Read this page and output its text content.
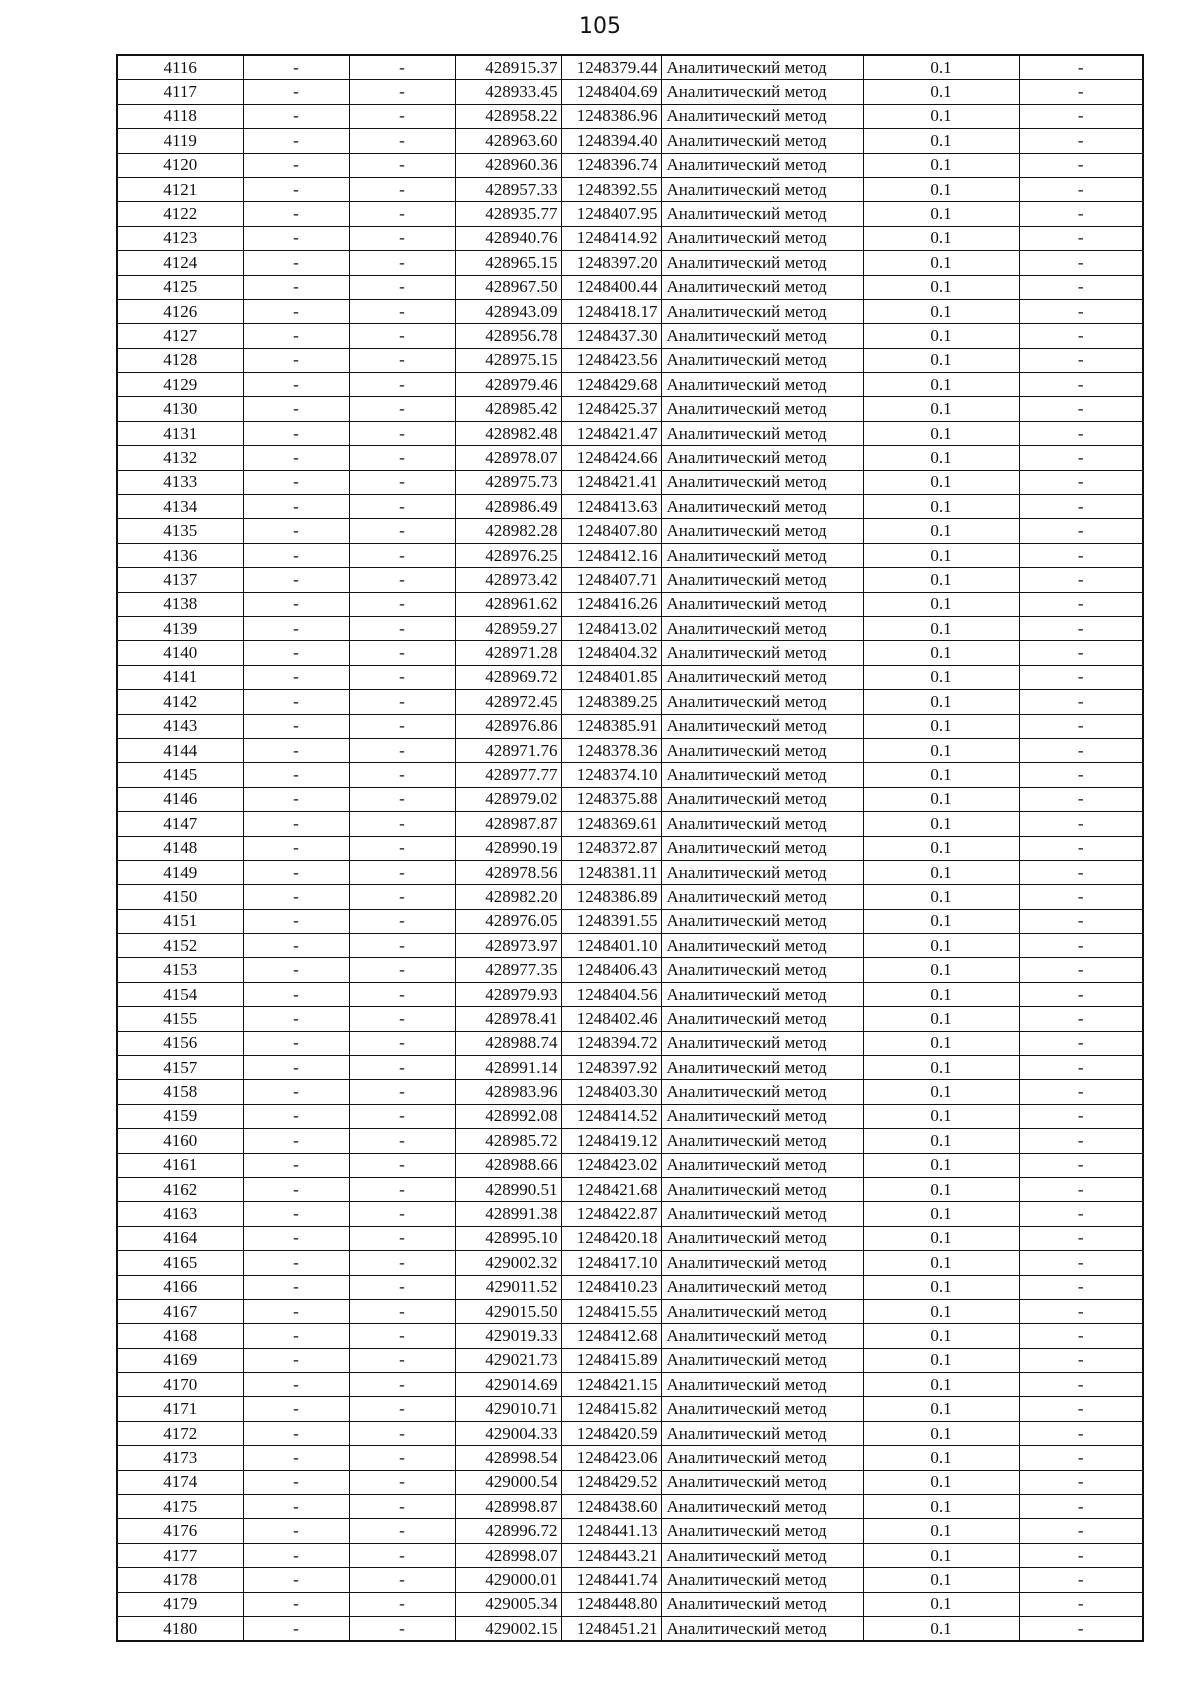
105
4116	-	-	428915.37	1248379.44	Аналитический метод	0.1	-
4117	-	-	428933.45	1248404.69	Аналитический метод	0.1	-
4118	-	-	428958.22	1248386.96	Аналитический метод	0.1	-
4119	-	-	428963.60	1248394.40	Аналитический метод	0.1	-
4120	-	-	428960.36	1248396.74	Аналитический метод	0.1	-
4121	-	-	428957.33	1248392.55	Аналитический метод	0.1	-
4122	-	-	428935.77	1248407.95	Аналитический метод	0.1	-
4123	-	-	428940.76	1248414.92	Аналитический метод	0.1	-
4124	-	-	428965.15	1248397.20	Аналитический метод	0.1	-
4125	-	-	428967.50	1248400.44	Аналитический метод	0.1	-
4126	-	-	428943.09	1248418.17	Аналитический метод	0.1	-
4127	-	-	428956.78	1248437.30	Аналитический метод	0.1	-
4128	-	-	428975.15	1248423.56	Аналитический метод	0.1	-
4129	-	-	428979.46	1248429.68	Аналитический метод	0.1	-
4130	-	-	428985.42	1248425.37	Аналитический метод	0.1	-
4131	-	-	428982.48	1248421.47	Аналитический метод	0.1	-
4132	-	-	428978.07	1248424.66	Аналитический метод	0.1	-
4133	-	-	428975.73	1248421.41	Аналитический метод	0.1	-
4134	-	-	428986.49	1248413.63	Аналитический метод	0.1	-
4135	-	-	428982.28	1248407.80	Аналитический метод	0.1	-
4136	-	-	428976.25	1248412.16	Аналитический метод	0.1	-
4137	-	-	428973.42	1248407.71	Аналитический метод	0.1	-
4138	-	-	428961.62	1248416.26	Аналитический метод	0.1	-
4139	-	-	428959.27	1248413.02	Аналитический метод	0.1	-
4140	-	-	428971.28	1248404.32	Аналитический метод	0.1	-
4141	-	-	428969.72	1248401.85	Аналитический метод	0.1	-
4142	-	-	428972.45	1248389.25	Аналитический метод	0.1	-
4143	-	-	428976.86	1248385.91	Аналитический метод	0.1	-
4144	-	-	428971.76	1248378.36	Аналитический метод	0.1	-
4145	-	-	428977.77	1248374.10	Аналитический метод	0.1	-
4146	-	-	428979.02	1248375.88	Аналитический метод	0.1	-
4147	-	-	428987.87	1248369.61	Аналитический метод	0.1	-
4148	-	-	428990.19	1248372.87	Аналитический метод	0.1	-
4149	-	-	428978.56	1248381.11	Аналитический метод	0.1	-
4150	-	-	428982.20	1248386.89	Аналитический метод	0.1	-
4151	-	-	428976.05	1248391.55	Аналитический метод	0.1	-
4152	-	-	428973.97	1248401.10	Аналитический метод	0.1	-
4153	-	-	428977.35	1248406.43	Аналитический метод	0.1	-
4154	-	-	428979.93	1248404.56	Аналитический метод	0.1	-
4155	-	-	428978.41	1248402.46	Аналитический метод	0.1	-
4156	-	-	428988.74	1248394.72	Аналитический метод	0.1	-
4157	-	-	428991.14	1248397.92	Аналитический метод	0.1	-
4158	-	-	428983.96	1248403.30	Аналитический метод	0.1	-
4159	-	-	428992.08	1248414.52	Аналитический метод	0.1	-
4160	-	-	428985.72	1248419.12	Аналитический метод	0.1	-
4161	-	-	428988.66	1248423.02	Аналитический метод	0.1	-
4162	-	-	428990.51	1248421.68	Аналитический метод	0.1	-
4163	-	-	428991.38	1248422.87	Аналитический метод	0.1	-
4164	-	-	428995.10	1248420.18	Аналитический метод	0.1	-
4165	-	-	429002.32	1248417.10	Аналитический метод	0.1	-
4166	-	-	429011.52	1248410.23	Аналитический метод	0.1	-
4167	-	-	429015.50	1248415.55	Аналитический метод	0.1	-
4168	-	-	429019.33	1248412.68	Аналитический метод	0.1	-
4169	-	-	429021.73	1248415.89	Аналитический метод	0.1	-
4170	-	-	429014.69	1248421.15	Аналитический метод	0.1	-
4171	-	-	429010.71	1248415.82	Аналитический метод	0.1	-
4172	-	-	429004.33	1248420.59	Аналитический метод	0.1	-
4173	-	-	428998.54	1248423.06	Аналитический метод	0.1	-
4174	-	-	429000.54	1248429.52	Аналитический метод	0.1	-
4175	-	-	428998.87	1248438.60	Аналитический метод	0.1	-
4176	-	-	428996.72	1248441.13	Аналитический метод	0.1	-
4177	-	-	428998.07	1248443.21	Аналитический метод	0.1	-
4178	-	-	429000.01	1248441.74	Аналитический метод	0.1	-
4179	-	-	429005.34	1248448.80	Аналитический метод	0.1	-
4180	-	-	429002.15	1248451.21	Аналитический метод	0.1	-
